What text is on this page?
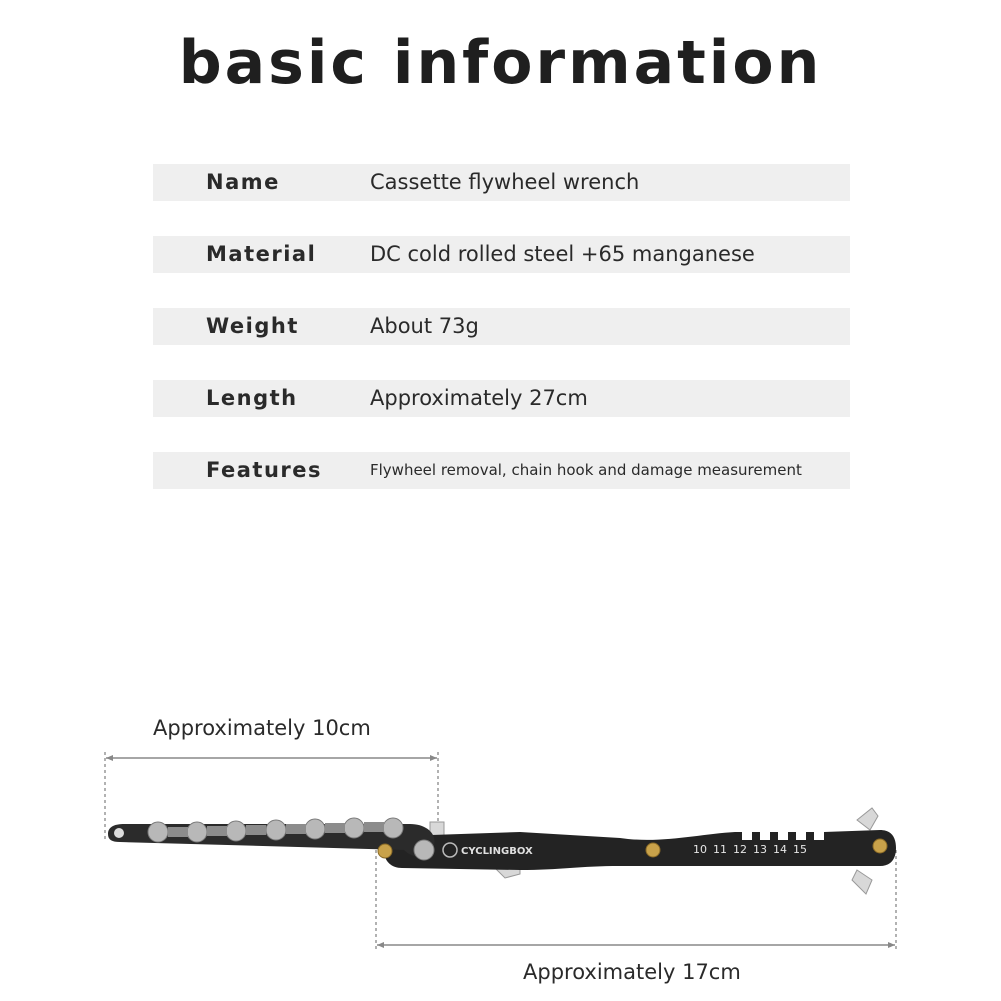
basic information
Name	Cassette flywheel wrench
Material	DC cold rolled steel +65 manganese
Weight	About 73g
Length	Approximately 27cm
Features	Flywheel removal, chain hook and damage measurement
Approximately 10cm
Approximately 17cm
CYCLINGBOX	10 11 12 13 14 15
